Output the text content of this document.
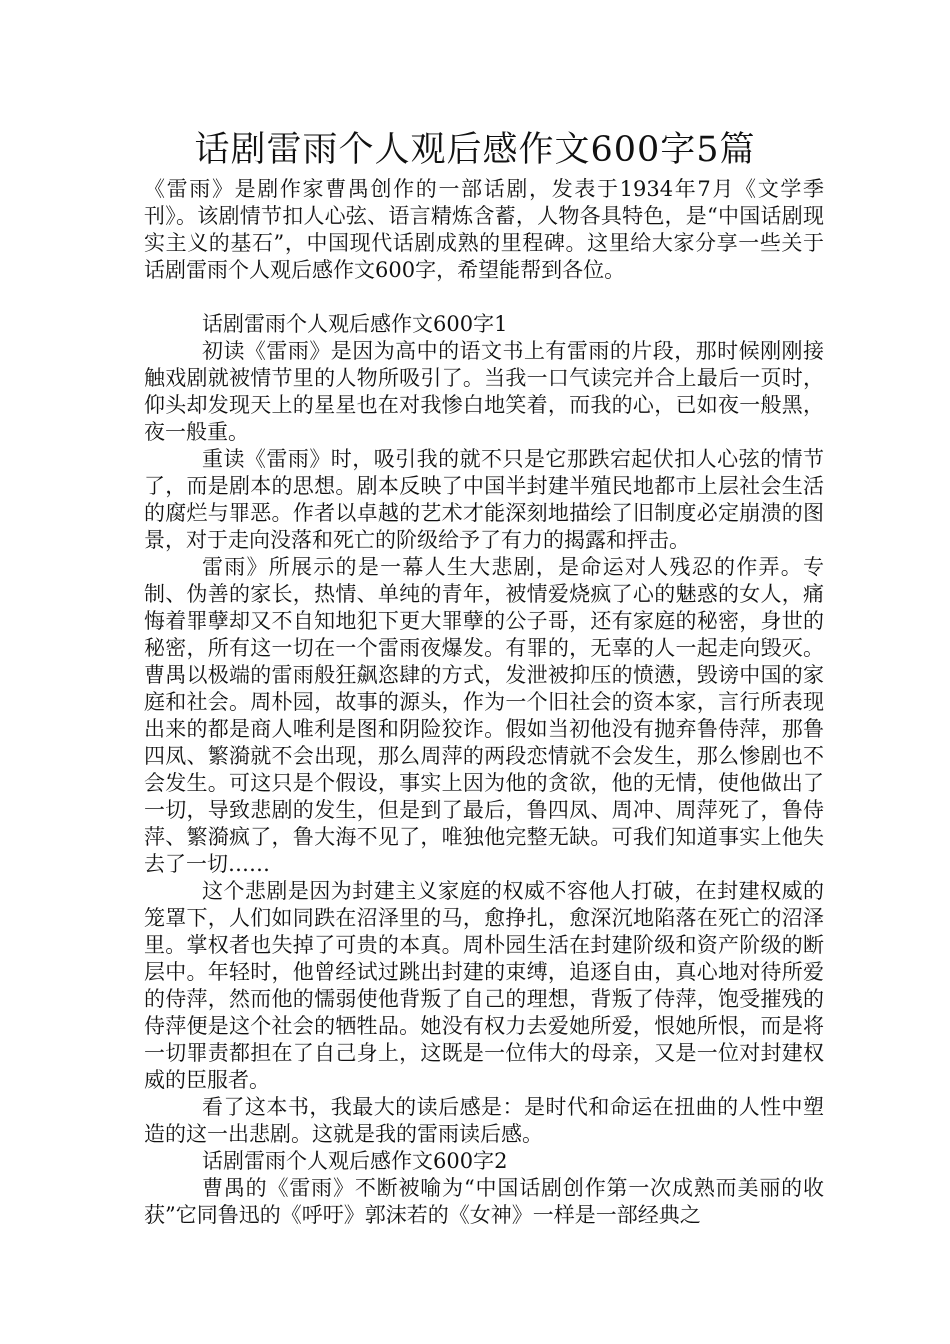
话剧雷雨个人观后感作文600字5篇

《雷雨》是剧作家曹禺创作的一部话剧，发表于1934年7月《文学季刊》。该剧情节扣人心弦、语言精炼含蓄，人物各具特色，是“中国话剧现实主义的基石”，中国现代话剧成熟的里程碑。这里给大家分享一些关于话剧雷雨个人观后感作文600字，希望能帮到各位。

话剧雷雨个人观后感作文600字1

初读《雷雨》是因为高中的语文书上有雷雨的片段，那时候刚刚接触戏剧就被情节里的人物所吸引了。当我一口气读完并合上最后一页时，仰头却发现天上的星星也在对我惨白地笑着，而我的心，已如夜一般黑，夜一般重。

重读《雷雨》时，吸引我的就不只是它那跌宕起伏扣人心弦的情节了，而是剧本的思想。剧本反映了中国半封建半殖民地都市上层社会生活的腐烂与罪恶。作者以卓越的艺术才能深刻地描绘了旧制度必定崩溃的图景，对于走向没落和死亡的阶级给予了有力的揭露和抨击。

雷雨》所展示的是一幕人生大悲剧，是命运对人残忍的作弄。专制、伪善的家长，热情、单纯的青年，被情爱烧疯了心的魅惑的女人，痛悔着罪孽却又不自知地犯下更大罪孽的公子哥，还有家庭的秘密，身世的秘密，所有这一切在一个雷雨夜爆发。有罪的，无辜的人一起走向毁灭。曹禺以极端的雷雨般狂飙恣肆的方式，发泄被抑压的愤懑，毁谤中国的家庭和社会。周朴园，故事的源头，作为一个旧社会的资本家，言行所表现出来的都是商人唯利是图和阴险狡诈。假如当初他没有抛弃鲁侍萍，那鲁四凤、繁漪就不会出现，那么周萍的两段恋情就不会发生，那么惨剧也不会发生。可这只是个假设，事实上因为他的贪欲，他的无情，使他做出了一切，导致悲剧的发生，但是到了最后，鲁四凤、周冲、周萍死了，鲁侍萍、繁漪疯了，鲁大海不见了，唯独他完整无缺。可我们知道事实上他失去了一切……

这个悲剧是因为封建主义家庭的权威不容他人打破，在封建权威的笼罩下，人们如同跌在沼泽里的马，愈挣扎，愈深沉地陷落在死亡的沼泽里。掌权者也失掉了可贵的本真。周朴园生活在封建阶级和资产阶级的断层中。年轻时，他曾经试过跳出封建的束缚，追逐自由，真心地对待所爱的侍萍，然而他的懦弱使他背叛了自己的理想，背叛了侍萍，饱受摧残的侍萍便是这个社会的牺牲品。她没有权力去爱她所爱，恨她所恨，而是将一切罪责都担在了自己身上，这既是一位伟大的母亲，又是一位对封建权威的臣服者。

看了这本书，我最大的读后感是：是时代和命运在扭曲的人性中塑造的这一出悲剧。这就是我的雷雨读后感。

话剧雷雨个人观后感作文600字2

曹禺的《雷雨》不断被喻为“中国话剧创作第一次成熟而美丽的收获”它同鲁迅的《呼吁》郭沫若的《女神》一样是一部经典之
